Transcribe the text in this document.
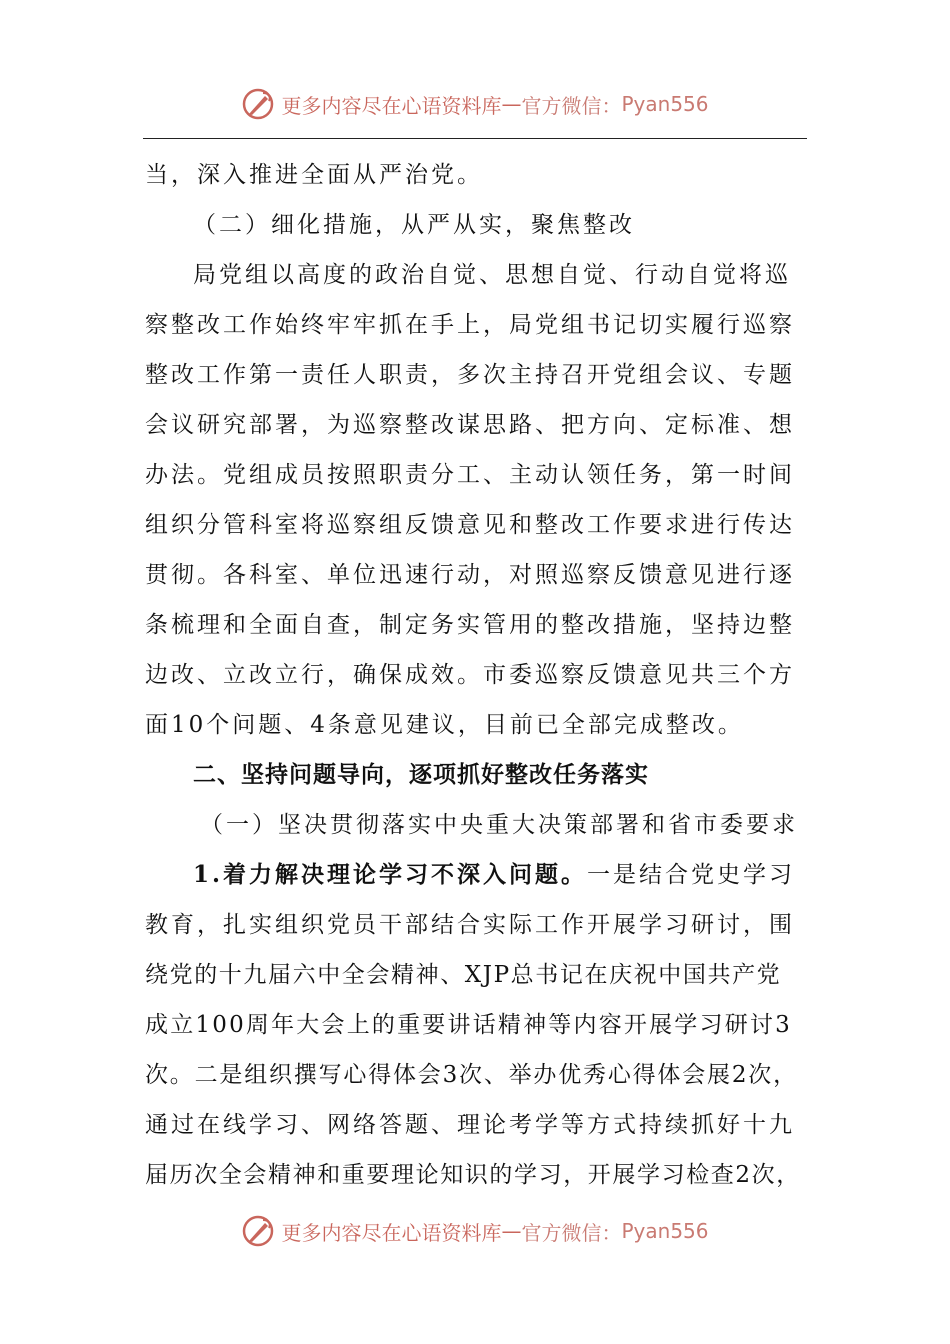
更多内容尽在心语资料库 — 官方微信： Pyan556
当，深入推进全面从严治党。
（二）细化措施，从严从实，聚焦整改
局党组以高度的政治自觉、思想自觉、行动自觉将巡
察整改工作始终牢牢抓在手上，局党组书记切实履行巡察
整改工作第一责任人职责，多次主持召开党组会议、专题
会议研究部署，为巡察整改谋思路、把方向、定标准、想
办法。党组成员按照职责分工、主动认领任务，第一时间
组织分管科室将巡察组反馈意见和整改工作要求进行传达
贯彻。各科室、单位迅速行动，对照巡察反馈意见进行逐
条梳理和全面自查，制定务实管用的整改措施，坚持边整
边改、立改立行，确保成效。市委巡察反馈意见共三个方
面10个问题、4条意见建议，目前已全部完成整改。
二、坚持问题导向，逐项抓好整改任务落实
（一）坚决贯彻落实中央重大决策部署和省市委要求
1.着力解决理论学习不深入问题。一是结合党史学习
教育，扎实组织党员干部结合实际工作开展学习研讨，围
绕党的十九届六中全会精神、XJP总书记在庆祝中国共产党
成立100周年大会上的重要讲话精神等内容开展学习研讨3
次。二是组织撰写心得体会3次、举办优秀心得体会展2次，
通过在线学习、网络答题、理论考学等方式持续抓好十九
届历次全会精神和重要理论知识的学习，开展学习检查2次，
更多内容尽在心语资料库 — 官方微信： Pyan556
